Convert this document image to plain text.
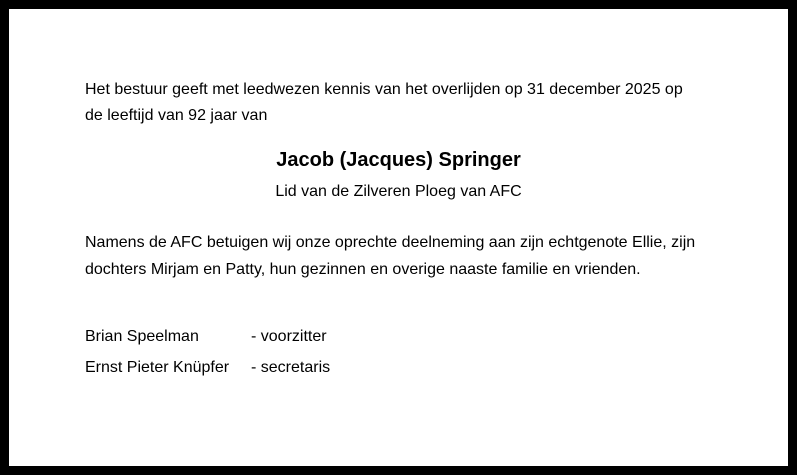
Het bestuur geeft met leedwezen kennis van het overlijden op 31 december 2025 op
de leeftijd van 92 jaar van
Jacob (Jacques) Springer
Lid van de Zilveren Ploeg van AFC
Namens de AFC betuigen wij onze oprechte deelneming aan zijn echtgenote Ellie, zijn
dochters Mirjam en Patty, hun gezinnen en overige naaste familie en vrienden.
Brian Speelman	- voorzitter
Ernst Pieter Knüpfer - secretaris
